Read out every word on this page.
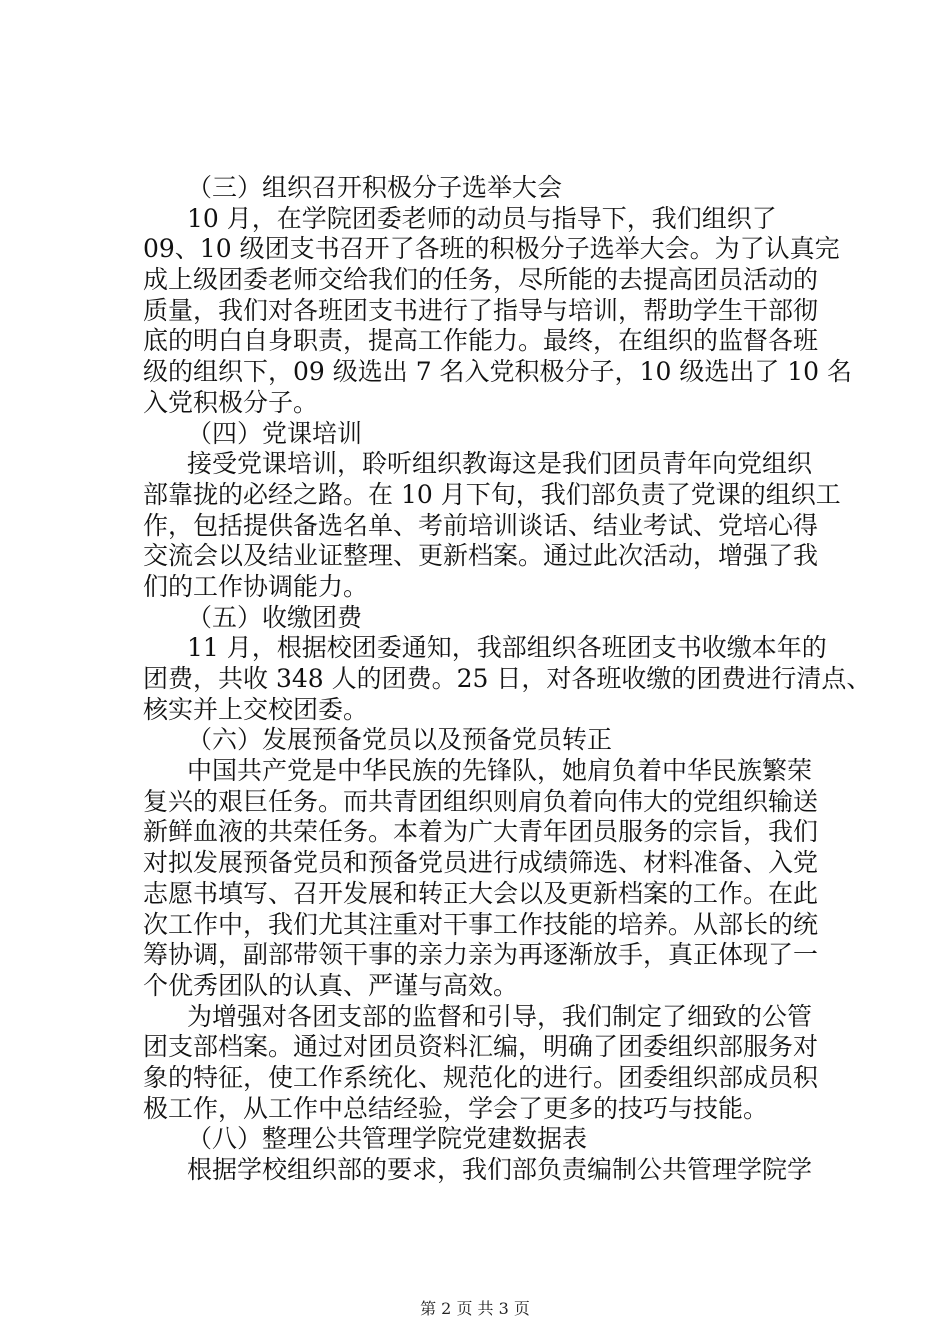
（三）组织召开积极分子选举大会
10 月，在学院团委老师的动员与指导下，我们组织了
09、10 级团支书召开了各班的积极分子选举大会。为了认真完
成上级团委老师交给我们的任务，尽所能的去提高团员活动的
质量，我们对各班团支书进行了指导与培训，帮助学生干部彻
底的明白自身职责，提高工作能力。最终，在组织的监督各班
级的组织下，09 级选出 7 名入党积极分子，10 级选出了 10 名
入党积极分子。
（四）党课培训
接受党课培训，聆听组织教诲这是我们团员青年向党组织
部靠拢的必经之路。在 10 月下旬，我们部负责了党课的组织工
作，包括提供备选名单、考前培训谈话、结业考试、党培心得
交流会以及结业证整理、更新档案。通过此次活动，增强了我
们的工作协调能力。
（五）收缴团费
11 月，根据校团委通知，我部组织各班团支书收缴本年的
团费，共收 348 人的团费。25 日，对各班收缴的团费进行清点、
核实并上交校团委。
（六）发展预备党员以及预备党员转正
中国共产党是中华民族的先锋队，她肩负着中华民族繁荣
复兴的艰巨任务。而共青团组织则肩负着向伟大的党组织输送
新鲜血液的共荣任务。本着为广大青年团员服务的宗旨，我们
对拟发展预备党员和预备党员进行成绩筛选、材料准备、入党
志愿书填写、召开发展和转正大会以及更新档案的工作。在此
次工作中，我们尤其注重对干事工作技能的培养。从部长的统
筹协调，副部带领干事的亲力亲为再逐渐放手，真正体现了一
个优秀团队的认真、严谨与高效。
为增强对各团支部的监督和引导，我们制定了细致的公管
团支部档案。通过对团员资料汇编，明确了团委组织部服务对
象的特征，使工作系统化、规范化的进行。团委组织部成员积
极工作，从工作中总结经验，学会了更多的技巧与技能。
（八）整理公共管理学院党建数据表
根据学校组织部的要求，我们部负责编制公共管理学院学
第 2 页 共 3 页
